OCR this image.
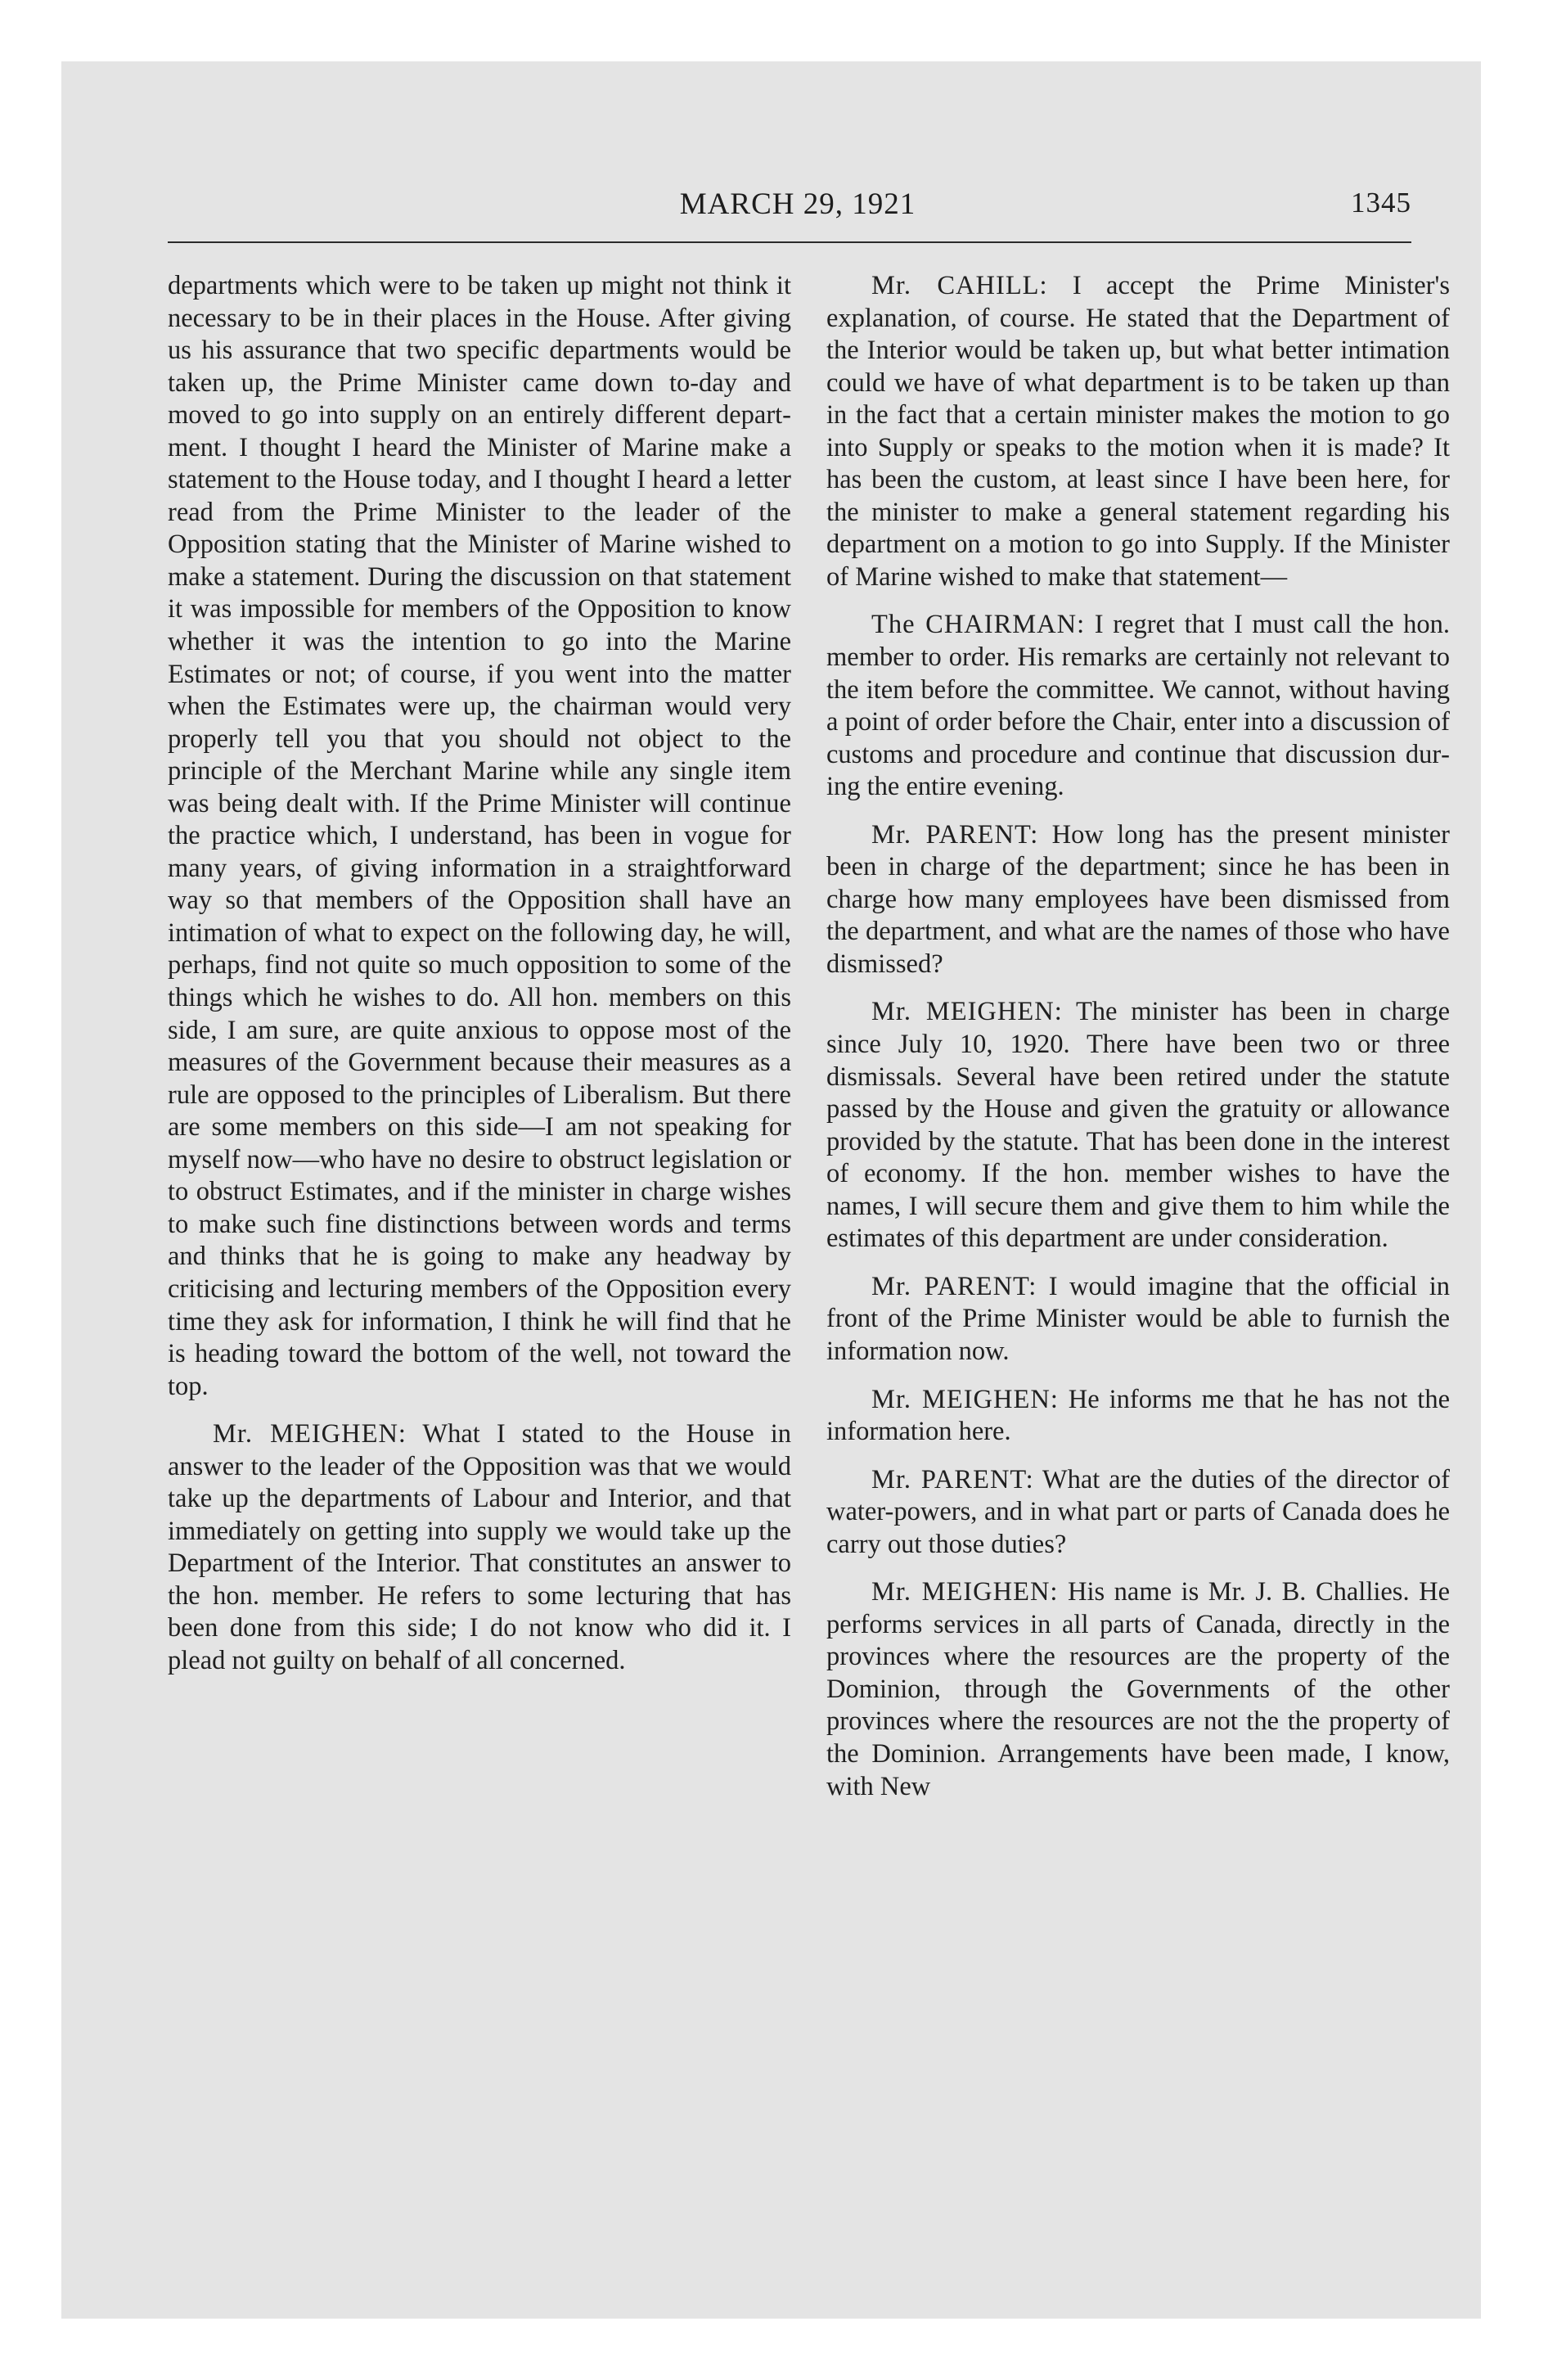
MARCH 29, 1921	1345

departments which were to be taken up might not think it necessary to be in their places in the House. After giving us his assurance that two specific departments would be taken up, the Prime Minister came down to-day and moved to go into supply on an entirely different department. I thought I heard the Minister of Marine make a statement to the House today, and I thought I heard a letter read from the Prime Minister to the leader of the Opposition stating that the Minister of Marine wished to make a statement. During the discussion on that statement it was impossible for members of the Opposition to know whether it was the intention to go into the Marine Estimates or not; of course, if you went into the matter when the Estimates were up, the chairman would very properly tell you that you should not object to the principle of the Merchant Marine while any single item was being dealt with. If the Prime Minister will continue the practice which, I understand, has been in vogue for many years, of giving information in a straightforward way so that members of the Opposition shall have an intimation of what to expect on the following day, he will, perhaps, find not quite so much opposition to some of the things which he wishes to do. All hon. members on this side, I am sure, are quite anxious to oppose most of the measures of the Government because their measures as a rule are opposed to the principles of Liberalism. But there are some members on this side—I am not speaking for myself now—who have no desire to obstruct legislation or to obstruct Estimates, and if the minister in charge wishes to make such fine distinctions between words and terms and thinks that he is going to make any headway by criticising and lecturing members of the Opposition every time they ask for information, I think he will find that he is heading toward the bottom of the well, not toward the top.

Mr. MEIGHEN: What I stated to the House in answer to the leader of the Opposition was that we would take up the departments of Labour and Interior, and that immediately on getting into supply we would take up the Department of the Interior. That constitutes an answer to the hon. member. He refers to some lecturing that has been done from this side; I do not know who did it. I plead not guilty on behalf of all concerned.

Mr. CAHILL: I accept the Prime Minister's explanation, of course. He stated that the Department of the Interior would be taken up, but what better intimation could we have of what department is to be taken up than in the fact that a certain minister makes the motion to go into Supply or speaks to the motion when it is made? It has been the custom, at least since I have been here, for the minister to make a general statement regarding his department on a motion to go into Supply. If the Minister of Marine wished to make that statement—

The CHAIRMAN: I regret that I must call the hon. member to order. His remarks are certainly not relevant to the item before the committee. We cannot, without having a point of order before the Chair, enter into a discussion of customs and procedure and continue that discussion during the entire evening.

Mr. PARENT: How long has the present minister been in charge of the department; since he has been in charge how many employees have been dismissed from the department, and what are the names of those who have dismissed?

Mr. MEIGHEN: The minister has been in charge since July 10, 1920. There have been two or three dismissals. Several have been retired under the statute passed by the House and given the gratuity or allowance provided by the statute. That has been done in the interest of economy. If the hon. member wishes to have the names, I will secure them and give them to him while the estimates of this department are under consideration.

Mr. PARENT: I would imagine that the official in front of the Prime Minister would be able to furnish the information now.

Mr. MEIGHEN: He informs me that he has not the information here.

Mr. PARENT: What are the duties of the director of water-powers, and in what part or parts of Canada does he carry out those duties?

Mr. MEIGHEN: His name is Mr. J. B. Challies. He performs services in all parts of Canada, directly in the provinces where the resources are the property of the Dominion, through the Governments of the other provinces where the resources are not the the property of the Dominion. Arrangements have been made, I know, with New
